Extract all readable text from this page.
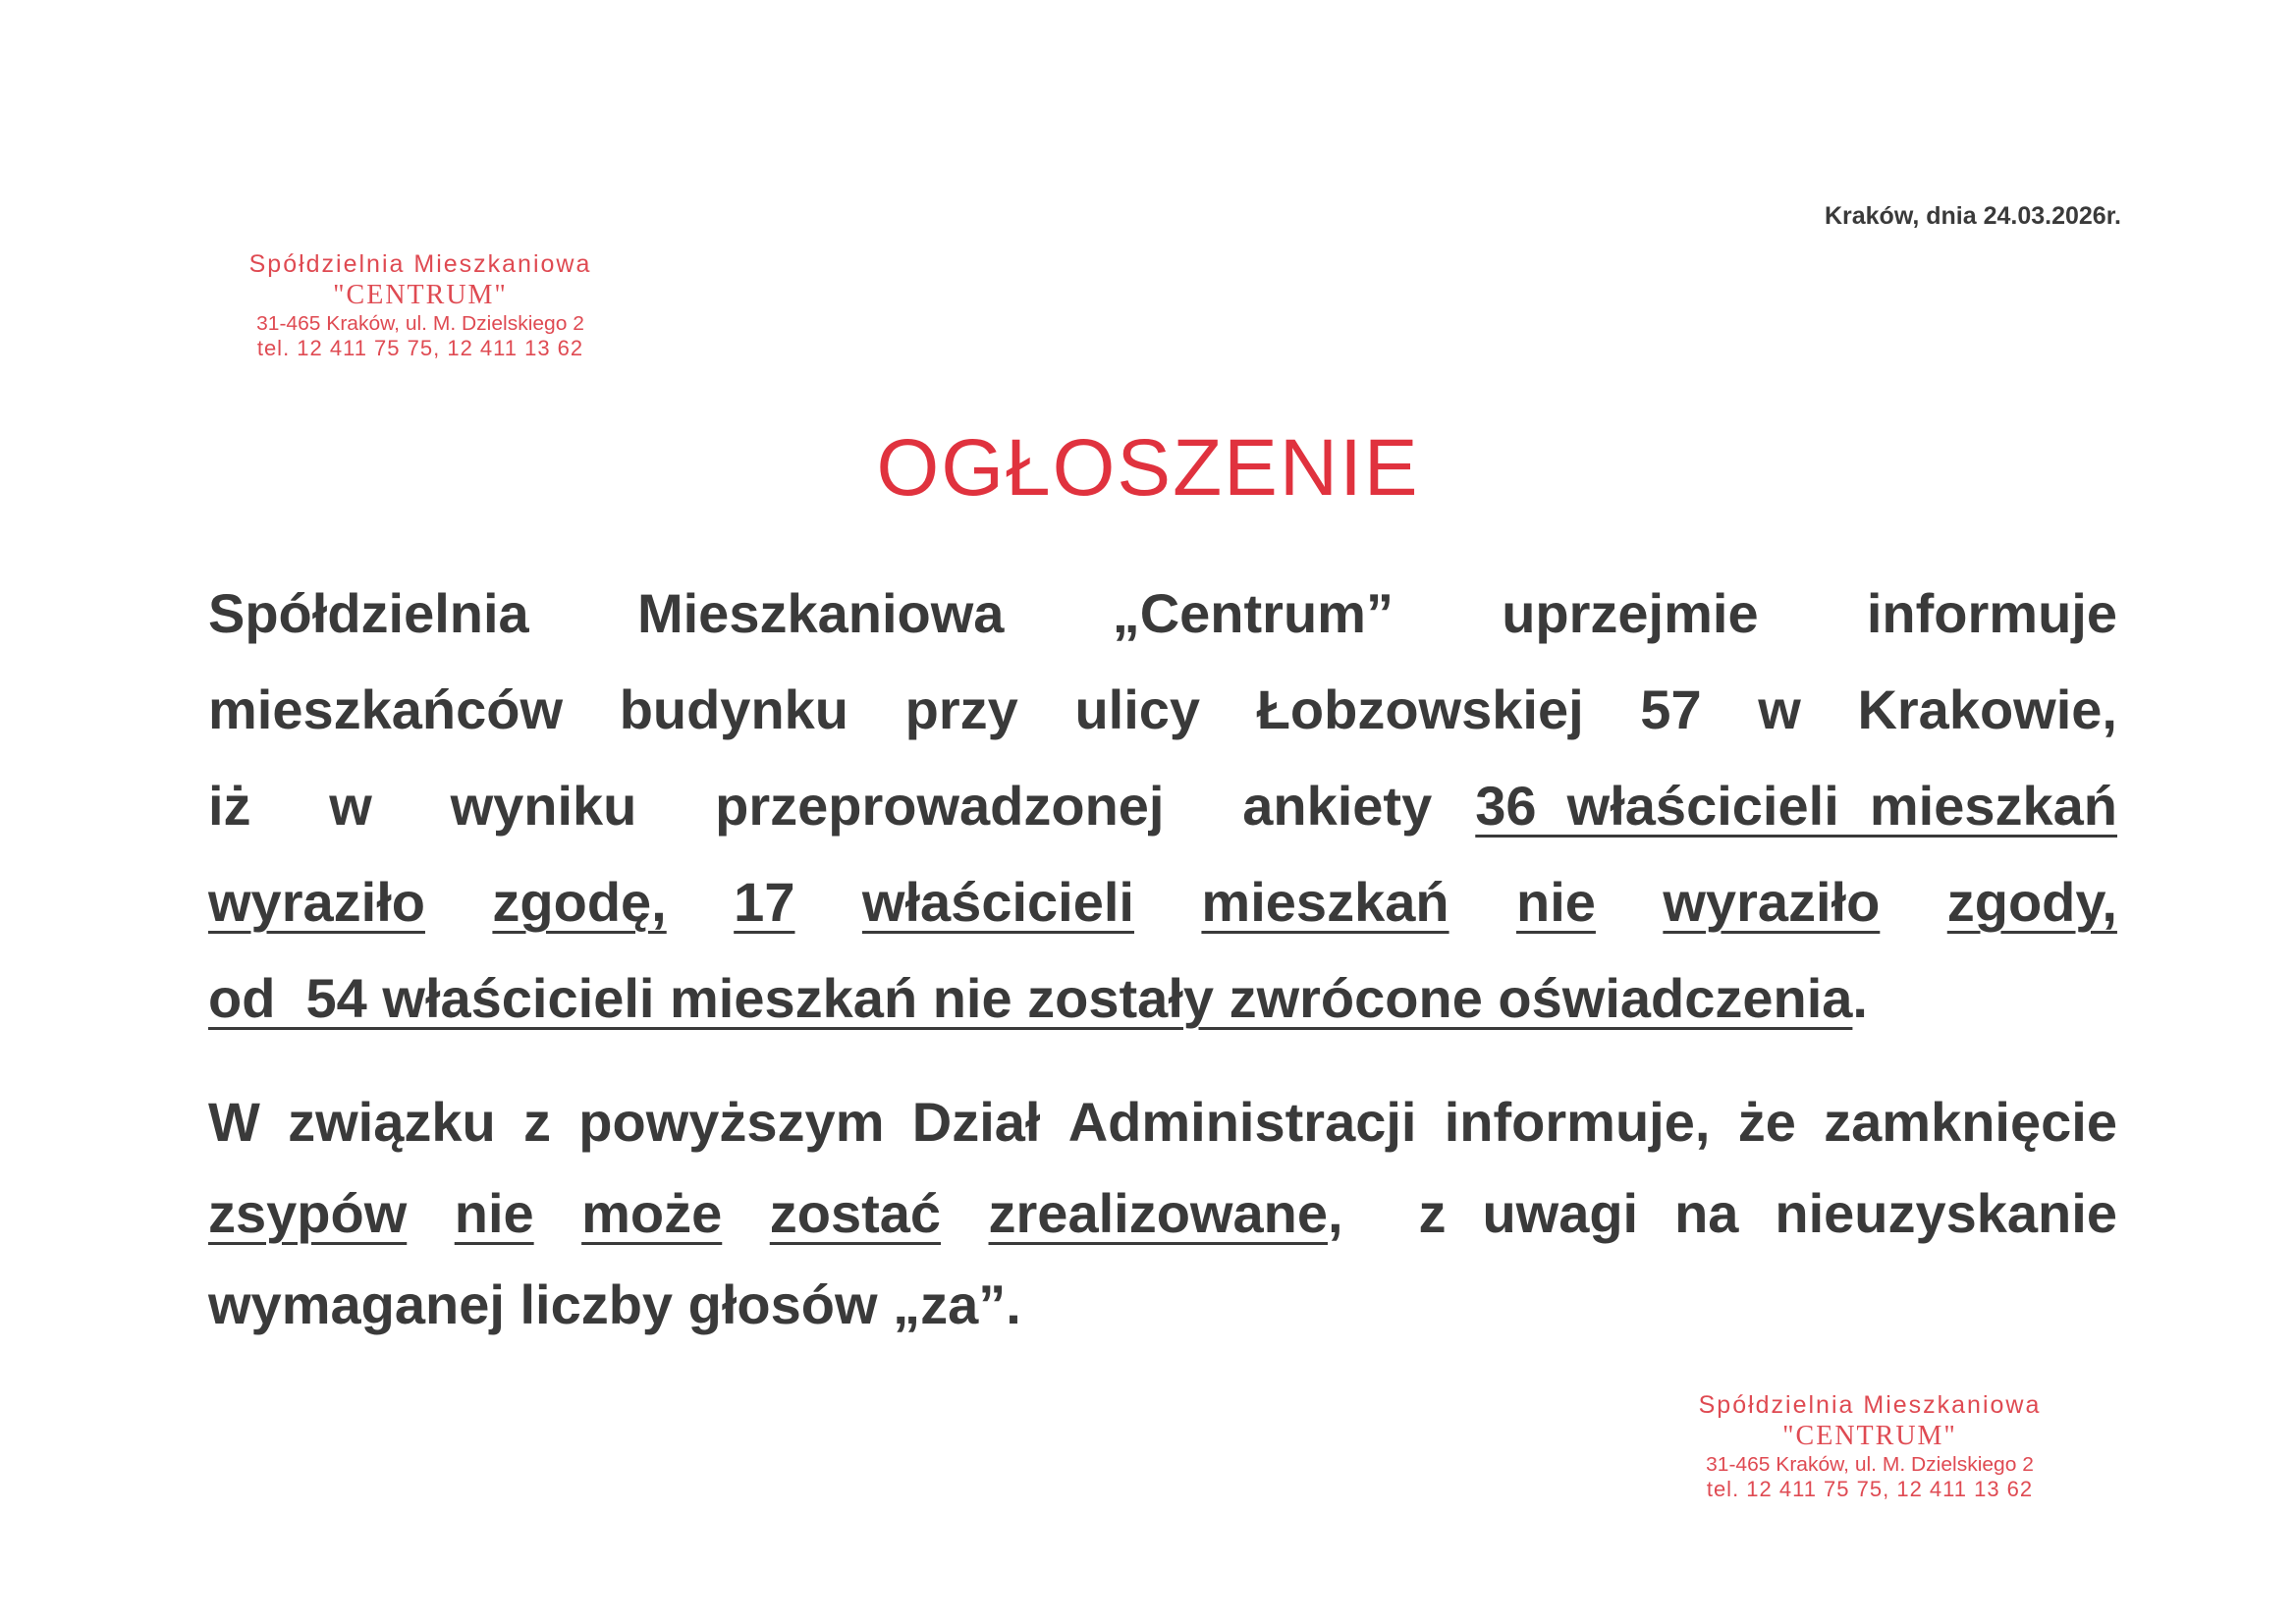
Spółdzielnia Mieszkaniowa
"CENTRUM"
31-465 Kraków, ul. M. Dzielskiego 2
tel. 12 411 75 75, 12 411 13 62
Kraków, dnia 24.03.2026r.
OGŁOSZENIE
Spółdzielnia Mieszkaniowa „Centrum” uprzejmie informuje
mieszkańców budynku przy ulicy Łobzowskiej 57 w Krakowie,
iż w wyniku przeprowadzonej ankiety 36  właścicieli  mieszkań
wyraziło zgodę, 17 właścicieli mieszkań nie wyraziło zgody,
od  54 właścicieli mieszkań nie zostały zwrócone oświadczenia .
W związku z powyższym Dział Administracji informuje, że zamknięcie
zsypów nie może zostać zrealizowane , z uwagi na nieuzyskanie
wymaganej liczby głosów „za”.
Spółdzielnia Mieszkaniowa
"CENTRUM"
31-465 Kraków, ul. M. Dzielskiego 2
tel. 12 411 75 75, 12 411 13 62
